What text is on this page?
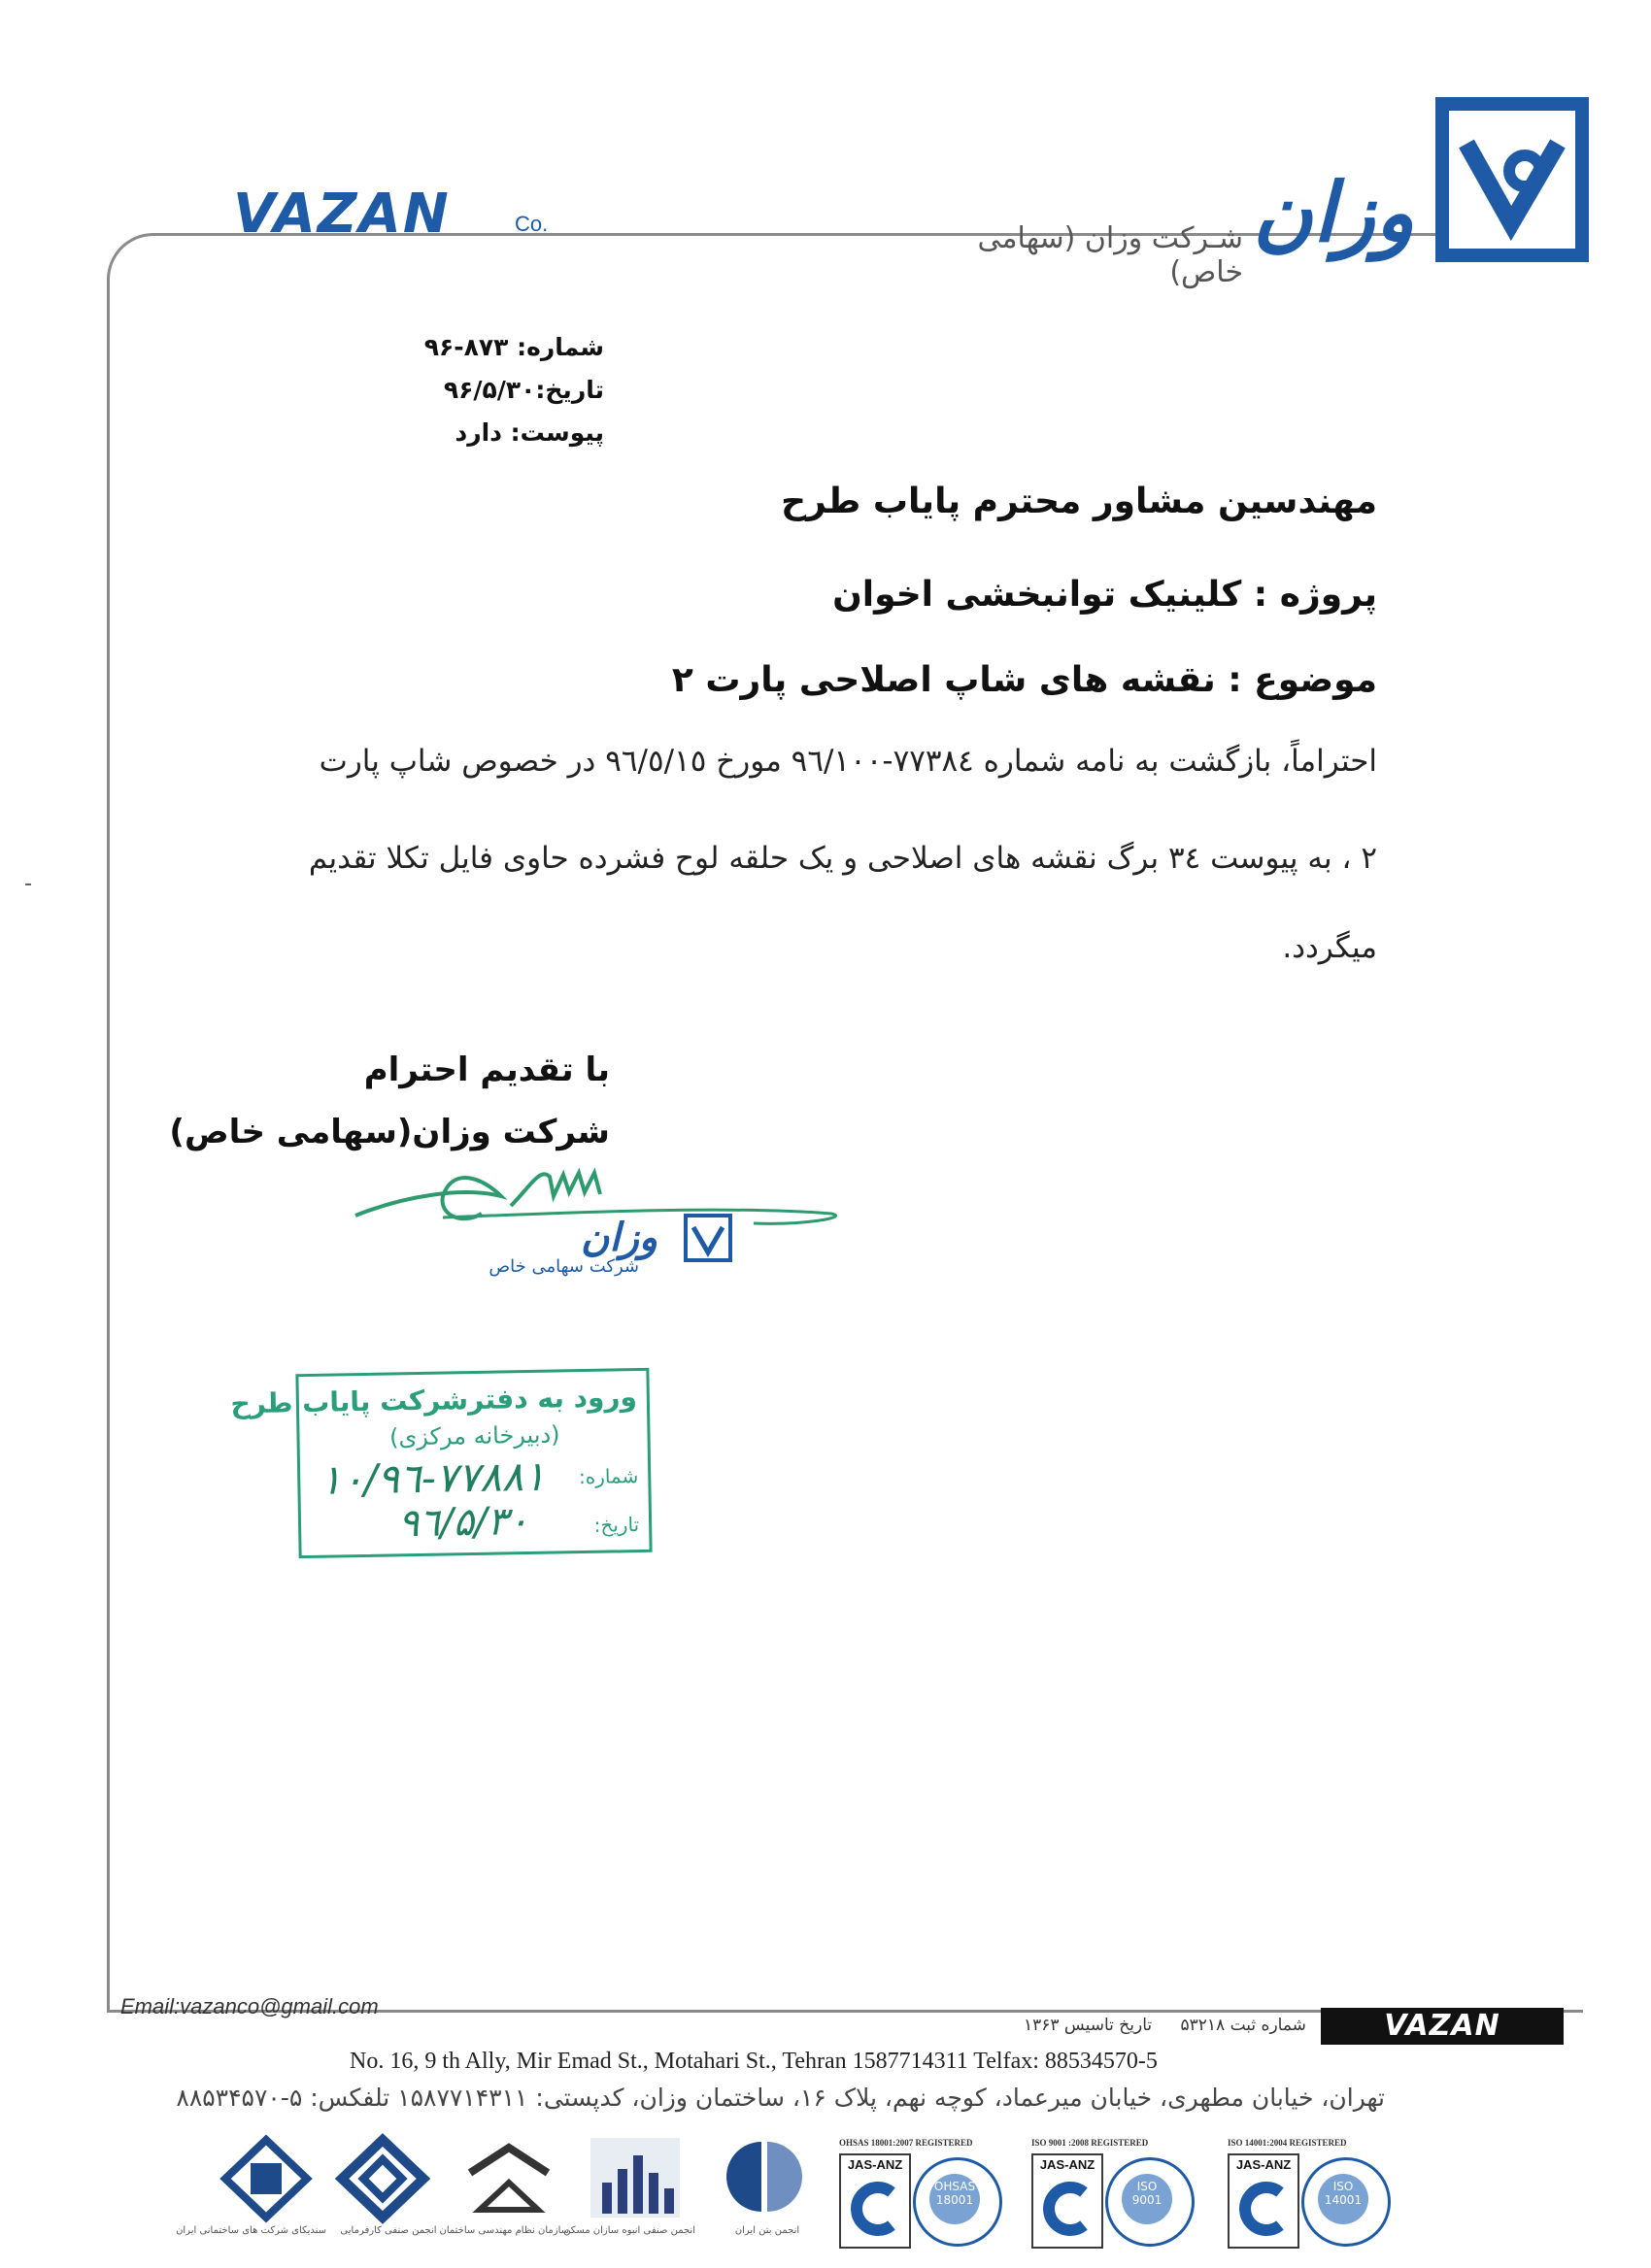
وزان
شـرکت وزان (سهامی خاص)
VAZAN	Co.
شماره: ۸۷۳-۹۶
تاریخ:۹۶/۵/۳۰
پیوست: دارد
مهندسین مشاور محترم پایاب طرح
پروژه : کلینیک توانبخشی اخوان
موضوع : نقشه های شاپ اصلاحی پارت ۲
احتراماً، بازگشت به نامه شماره ۷۷۳۸٤-۹٦/۱۰۰ مورخ ۹٦/٥/۱٥ در خصوص شاپ پارت
۲ ، به پیوست ۳٤ برگ نقشه های اصلاحی و یک حلقه لوح فشرده حاوی فایل تکلا تقدیم
میگردد.
با تقدیم احترام
شرکت وزان(سهامی خاص)
وزان
شرکت سهامی خاص
ورود به دفترشرکت پایاب طرح
(دبیرخانه مرکزی)
شماره:
۱۰/۹٦-۷۷۸۸۱
تاریخ:
۹٦/۵/۳۰
Email:vazanco@gmail.com
شماره ثبت ۵۳۲۱۸ تاریخ تاسیس ۱۳۶۳	VAZAN
No. 16, 9 th Ally, Mir Emad St., Motahari St., Tehran 1587714311 Telfax: 88534570-5
تهران، خیابان مطهری، خیابان میرعماد، کوچه نهم، پلاک ۱۶، ساختمان وزان، کدپستی: ۱۵۸۷۷۱۴۳۱۱ تلفکس: ۵-۸۸۵۳۴۵۷۰
سندیکای شرکت های ساختمانی ایران	انجمن صنفی کارفرمایی سازمان نظام مهندسی ساختمان
انجمن صنفی انبوه سازان مسکن	انجمن بتن ایران
OHSAS 18001:2007 REGISTERED
JAS-ANZ
OHSAS 18001
ISO 9001 :2008 REGISTERED
JAS-ANZ
ISO 9001
ISO 14001:2004 REGISTERED
JAS-ANZ
ISO 14001
